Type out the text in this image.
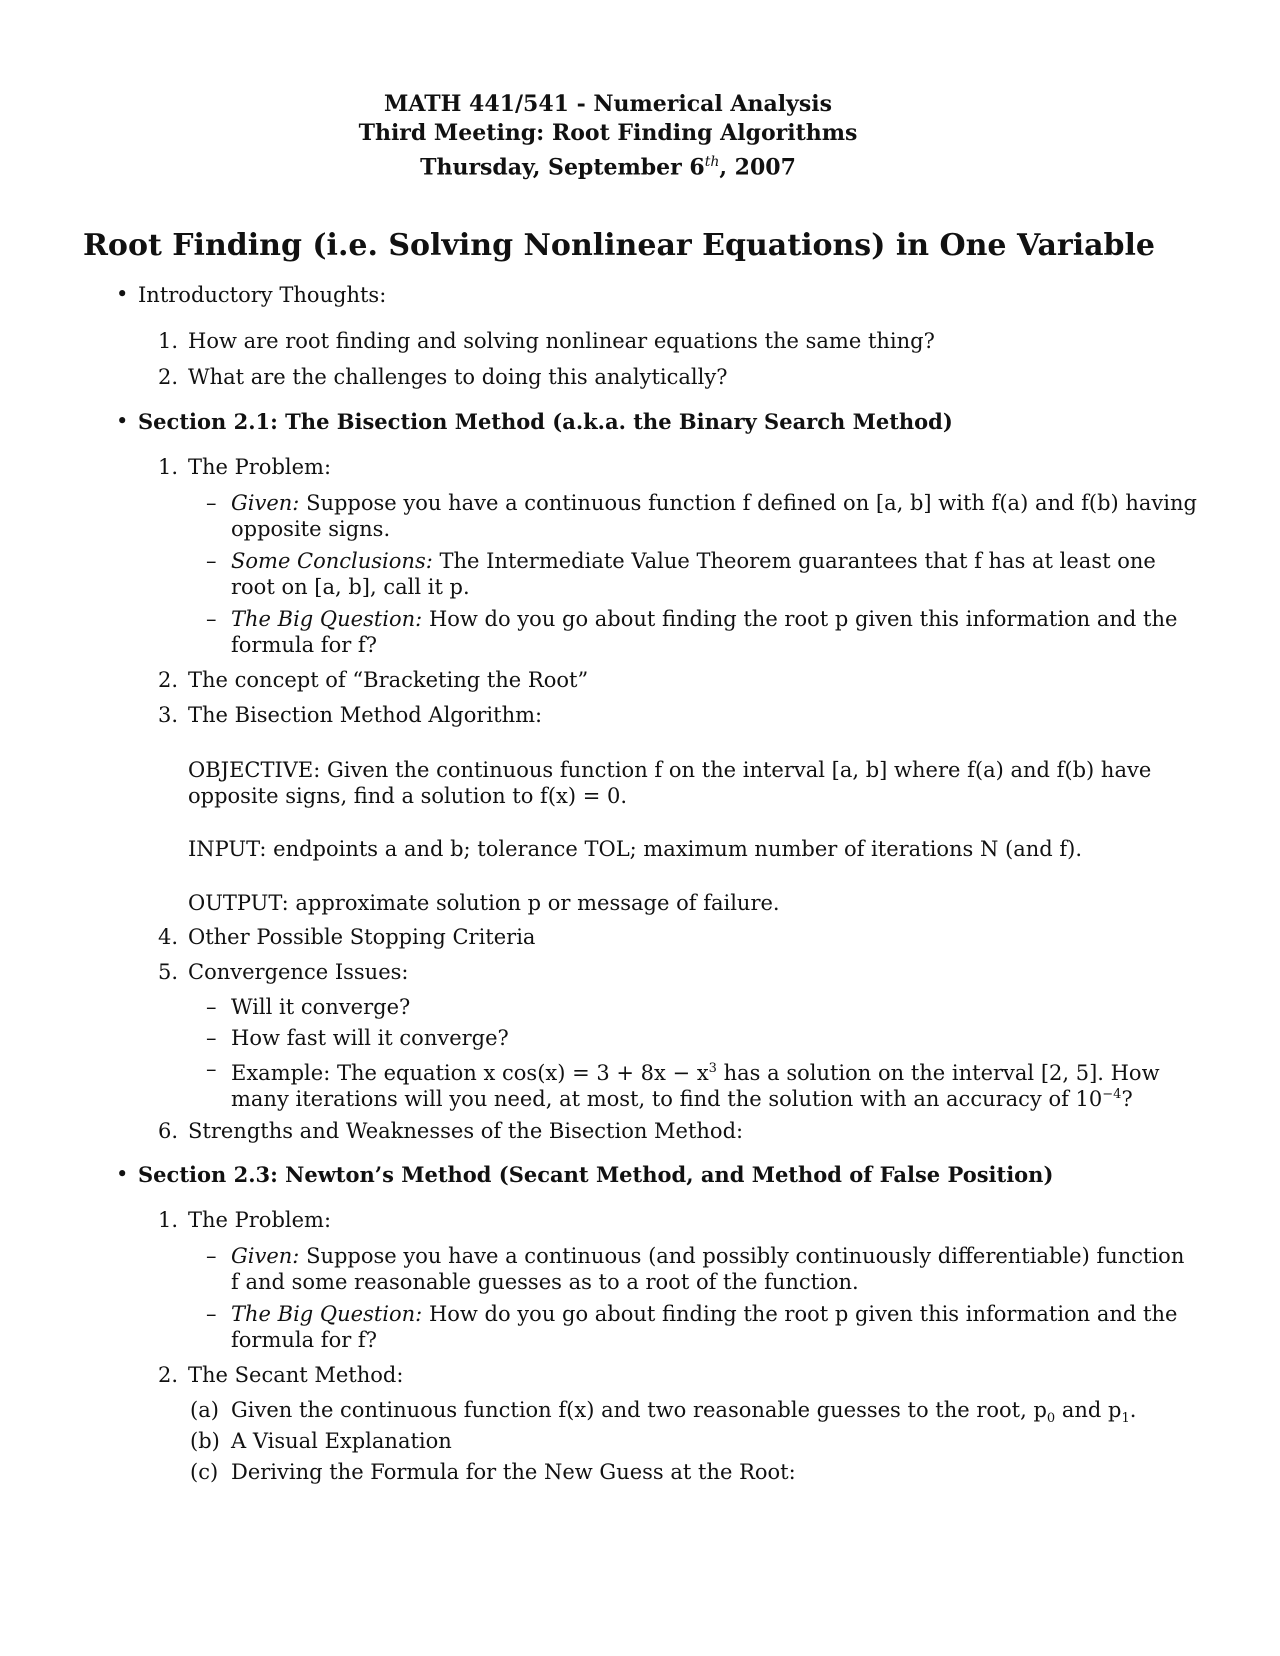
MATH 441/541 - Numerical Analysis
Third Meeting: Root Finding Algorithms
Thursday, September 6th, 2007
Root Finding (i.e. Solving Nonlinear Equations) in One Variable
• Introductory Thoughts:
1. How are root finding and solving nonlinear equations the same thing?
2. What are the challenges to doing this analytically?
• Section 2.1: The Bisection Method (a.k.a. the Binary Search Method)
1. The Problem:
– Given: Suppose you have a continuous function f defined on [a, b] with f(a) and f(b) having
opposite signs.
– Some Conclusions: The Intermediate Value Theorem guarantees that f has at least one
root on [a, b], call it p.
– The Big Question: How do you go about finding the root p given this information and the
formula for f?
2. The concept of “Bracketing the Root”
3. The Bisection Method Algorithm:
OBJECTIVE: Given the continuous function f on the interval [a, b] where f(a) and f(b) have
opposite signs, find a solution to f(x) = 0.
INPUT: endpoints a and b; tolerance TOL; maximum number of iterations N (and f).
OUTPUT: approximate solution p or message of failure.
4. Other Possible Stopping Criteria
5. Convergence Issues:
– Will it converge?
– How fast will it converge?
– Example: The equation x $\cos(x) = 3 + 8x - x^3$ has a solution on the interval [2, 5]. How
many iterations will you need, at most, to find the solution with an accuracy of $10^{-4}$?
6. Strengths and Weaknesses of the Bisection Method:
• Section 2.3: Newton’s Method (Secant Method, and Method of False Position)
1. The Problem:
– Given: Suppose you have a continuous (and possibly continuously differentiable) function
f and some reasonable guesses as to a root of the function.
– The Big Question: How do you go about finding the root p given this information and the
formula for f?
2. The Secant Method:
(a) Given the continuous function f(x) and two reasonable guesses to the root, $p_0$ and $p_1$.
(b) A Visual Explanation
(c) Deriving the Formula for the New Guess at the Root:
